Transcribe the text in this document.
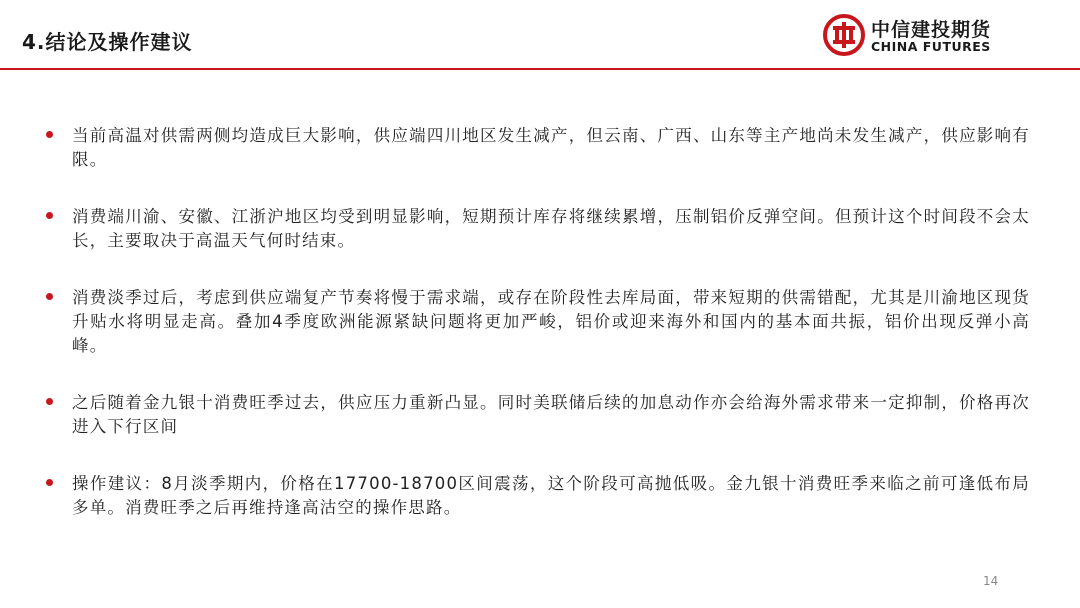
4.结论及操作建议	中信建投期货
CHINA FUTURES
当前高温对供需两侧均造成巨大影响，供应端四川地区发生减产，但云南、广西、山东等主产地尚未发生减产，供应影响有限。
消费端川渝、安徽、江浙沪地区均受到明显影响，短期预计库存将继续累增，压制铝价反弹空间。但预计这个时间段不会太长，主要取决于高温天气何时结束。
消费淡季过后，考虑到供应端复产节奏将慢于需求端，或存在阶段性去库局面，带来短期的供需错配，尤其是川渝地区现货升贴水将明显走高。叠加4季度欧洲能源紧缺问题将更加严峻，铝价或迎来海外和国内的基本面共振，铝价出现反弹小高峰。
之后随着金九银十消费旺季过去，供应压力重新凸显。同时美联储后续的加息动作亦会给海外需求带来一定抑制，价格再次进入下行区间
操作建议：8月淡季期内，价格在17700-18700区间震荡，这个阶段可高抛低吸。金九银十消费旺季来临之前可逢低布局多单。消费旺季之后再维持逢高沽空的操作思路。
14
